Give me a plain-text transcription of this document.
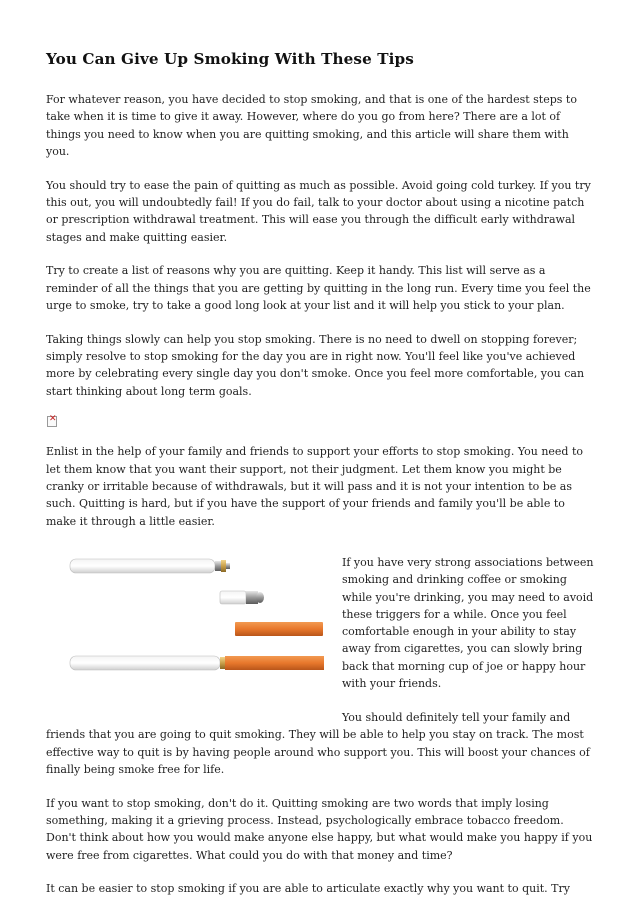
You Can Give Up Smoking With These Tips

For whatever reason, you have decided to stop smoking, and that is one of the hardest steps to take when it is time to give it away. However, where do you go from here? There are a lot of things you need to know when you are quitting smoking, and this article will share them with you.

You should try to ease the pain of quitting as much as possible. Avoid going cold turkey. If you try this out, you will undoubtedly fail! If you do fail, talk to your doctor about using a nicotine patch or prescription withdrawal treatment. This will ease you through the difficult early withdrawal stages and make quitting easier.

Try to create a list of reasons why you are quitting. Keep it handy. This list will serve as a reminder of all the things that you are getting by quitting in the long run. Every time you feel the urge to smoke, try to take a good long look at your list and it will help you stick to your plan.

Taking things slowly can help you stop smoking. There is no need to dwell on stopping forever; simply resolve to stop smoking for the day you are in right now. You'll feel like you've achieved more by celebrating every single day you don't smoke. Once you feel more comfortable, you can start thinking about long term goals.

✕

Enlist in the help of your family and friends to support your efforts to stop smoking. You need to let them know that you want their support, not their judgment. Let them know you might be cranky or irritable because of withdrawals, but it will pass and it is not your intention to be as such. Quitting is hard, but if you have the support of your friends and family you'll be able to make it through a little easier.

If you have very strong associations between smoking and drinking coffee or smoking while you're drinking, you may need to avoid these triggers for a while. Once you feel comfortable enough in your ability to stay away from cigarettes, you can slowly bring back that morning cup of joe or happy hour with your friends.

You should definitely tell your family and friends that you are going to quit smoking. They will be able to help you stay on track. The most effective way to quit is by having people around who support you. This will boost your chances of finally being smoke free for life.

If you want to stop smoking, don't do it. Quitting smoking are two words that imply losing something, making it a grieving process. Instead, psychologically embrace tobacco freedom. Don't think about how you would make anyone else happy, but what would make you happy if you were free from cigarettes. What could you do with that money and time?

It can be easier to stop smoking if you are able to articulate exactly why you want to quit. Try
